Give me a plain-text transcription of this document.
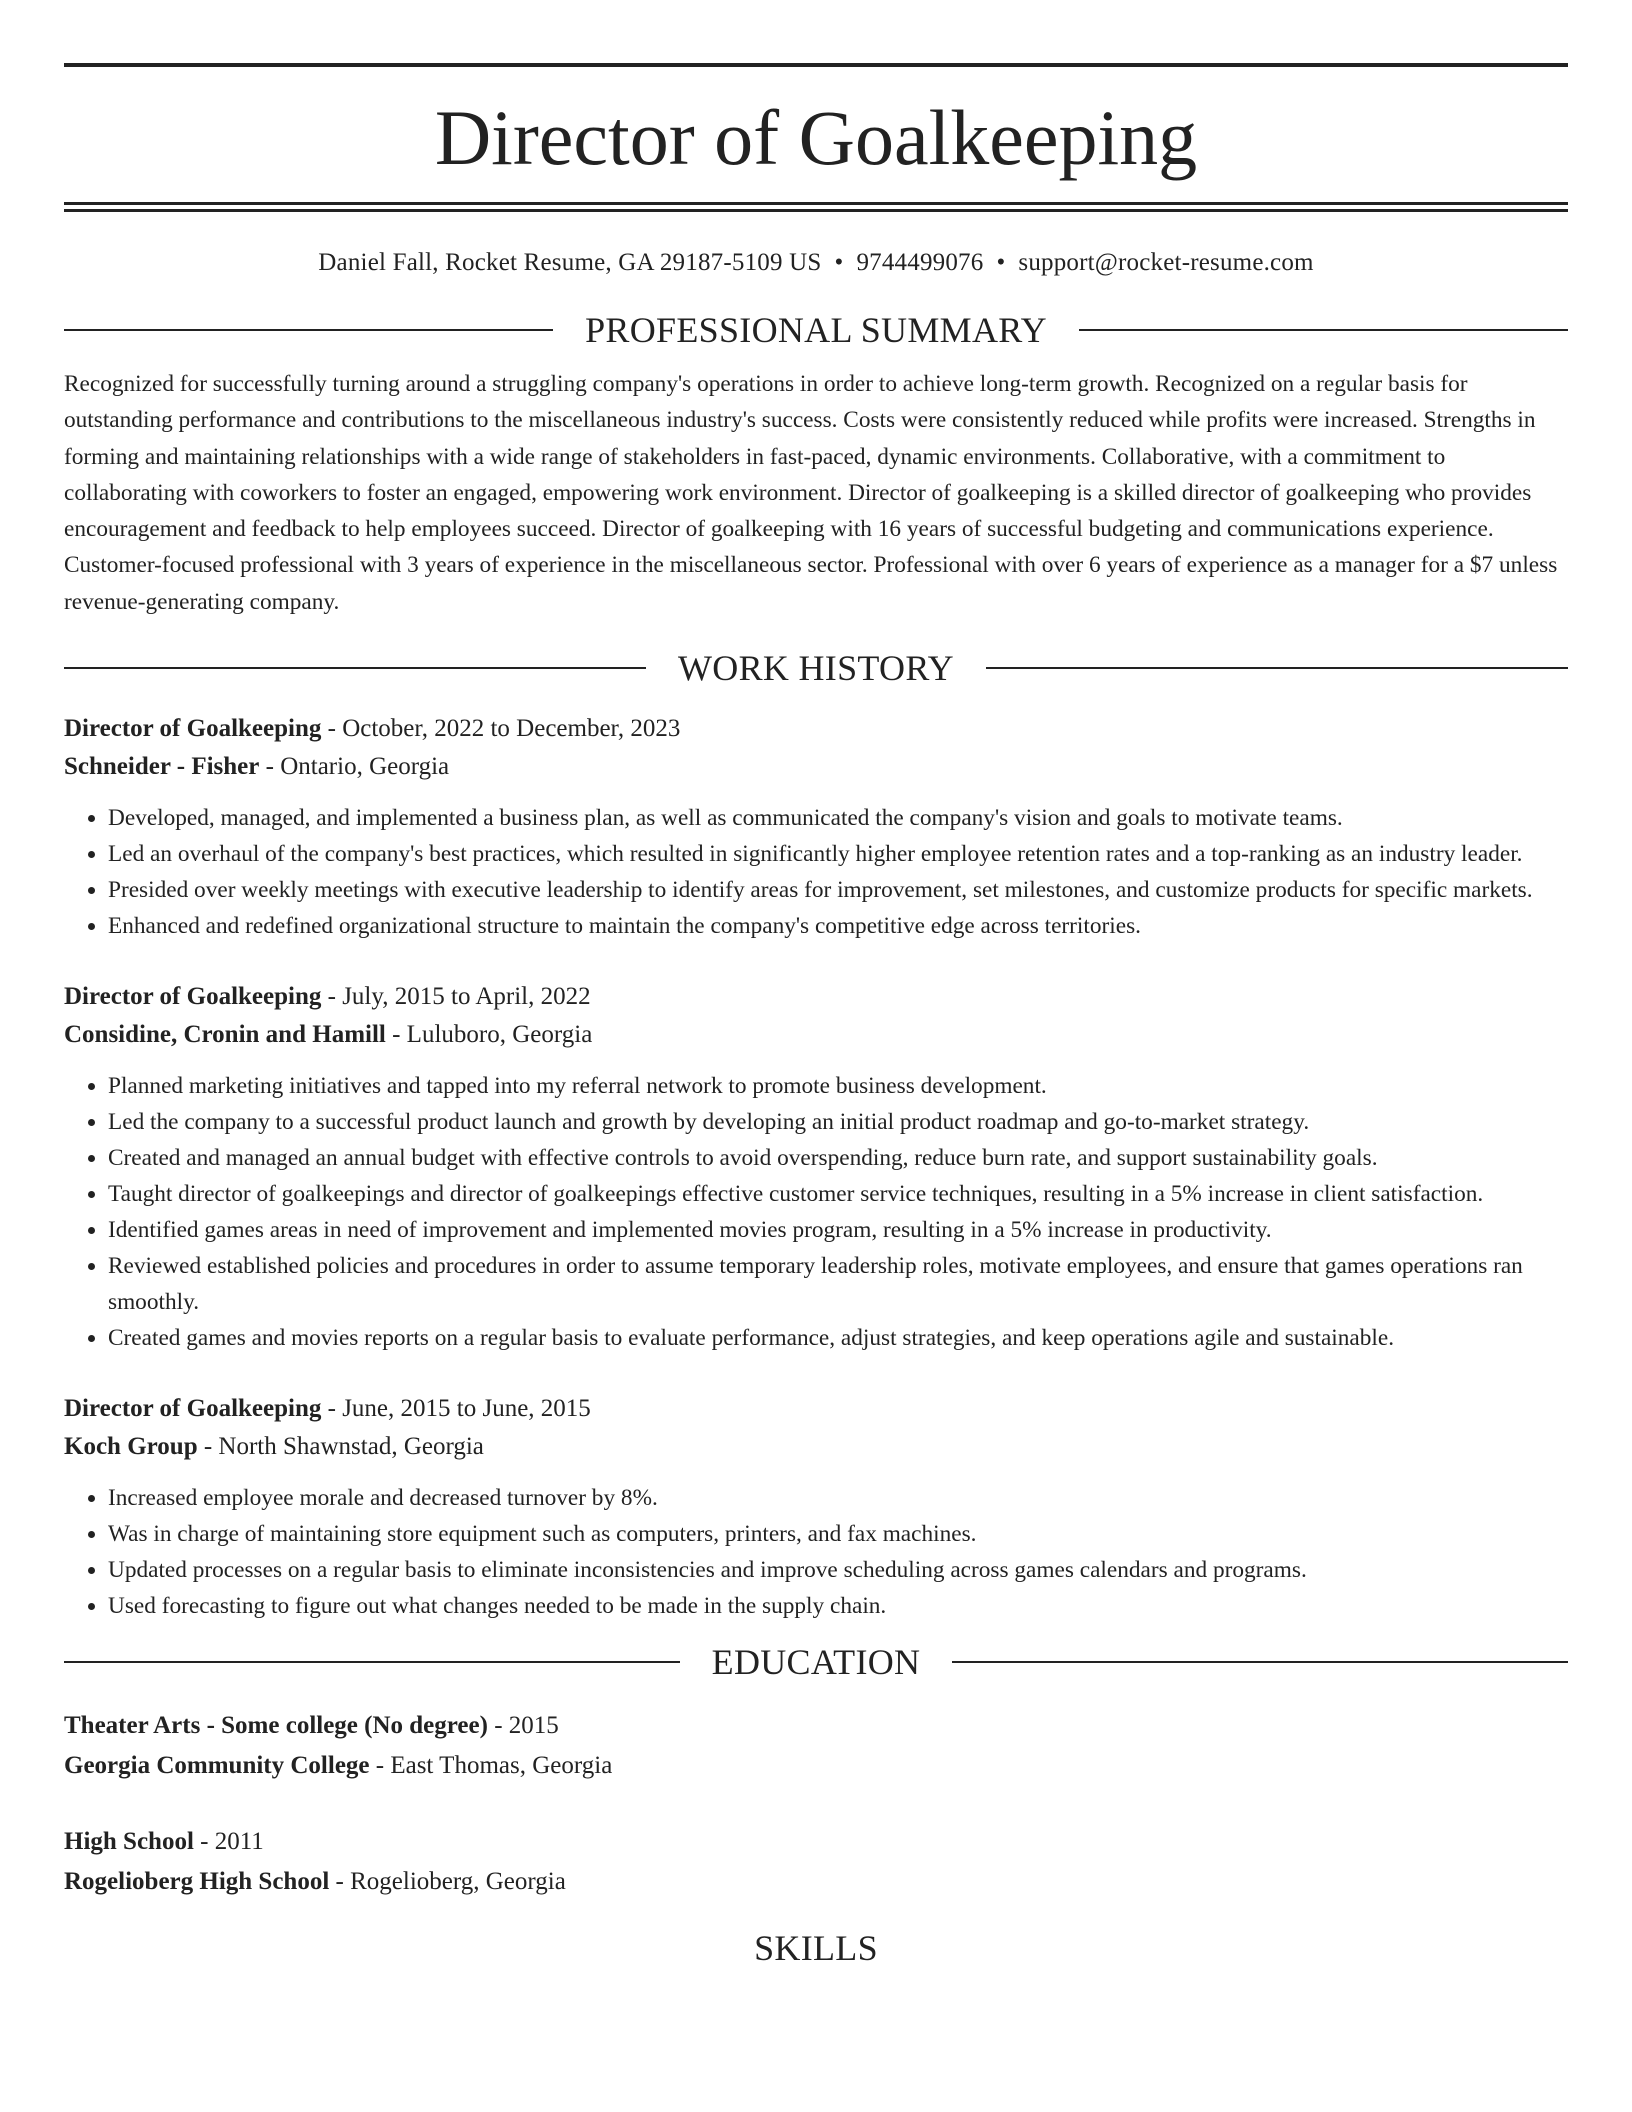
Director of Goalkeeping
Daniel Fall, Rocket Resume, GA 29187-5109 US • 9744499076 • support@rocket-resume.com
PROFESSIONAL SUMMARY
Recognized for successfully turning around a struggling company's operations in order to achieve long-term growth. Recognized on a regular basis for outstanding performance and contributions to the miscellaneous industry's success. Costs were consistently reduced while profits were increased. Strengths in forming and maintaining relationships with a wide range of stakeholders in fast-paced, dynamic environments. Collaborative, with a commitment to collaborating with coworkers to foster an engaged, empowering work environment. Director of goalkeeping is a skilled director of goalkeeping who provides encouragement and feedback to help employees succeed. Director of goalkeeping with 16 years of successful budgeting and communications experience. Customer-focused professional with 3 years of experience in the miscellaneous sector. Professional with over 6 years of experience as a manager for a $7 unless revenue-generating company.
WORK HISTORY
Director of Goalkeeping - October, 2022 to December, 2023
Schneider - Fisher - Ontario, Georgia
• Developed, managed, and implemented a business plan, as well as communicated the company's vision and goals to motivate teams.
• Led an overhaul of the company's best practices, which resulted in significantly higher employee retention rates and a top-ranking as an industry leader.
• Presided over weekly meetings with executive leadership to identify areas for improvement, set milestones, and customize products for specific markets.
• Enhanced and redefined organizational structure to maintain the company's competitive edge across territories.
Director of Goalkeeping - July, 2015 to April, 2022
Considine, Cronin and Hamill - Luluboro, Georgia
• Planned marketing initiatives and tapped into my referral network to promote business development.
• Led the company to a successful product launch and growth by developing an initial product roadmap and go-to-market strategy.
• Created and managed an annual budget with effective controls to avoid overspending, reduce burn rate, and support sustainability goals.
• Taught director of goalkeepings and director of goalkeepings effective customer service techniques, resulting in a 5% increase in client satisfaction.
• Identified games areas in need of improvement and implemented movies program, resulting in a 5% increase in productivity.
• Reviewed established policies and procedures in order to assume temporary leadership roles, motivate employees, and ensure that games operations ran smoothly.
• Created games and movies reports on a regular basis to evaluate performance, adjust strategies, and keep operations agile and sustainable.
Director of Goalkeeping - June, 2015 to June, 2015
Koch Group - North Shawnstad, Georgia
• Increased employee morale and decreased turnover by 8%.
• Was in charge of maintaining store equipment such as computers, printers, and fax machines.
• Updated processes on a regular basis to eliminate inconsistencies and improve scheduling across games calendars and programs.
• Used forecasting to figure out what changes needed to be made in the supply chain.
EDUCATION
Theater Arts - Some college (No degree) - 2015
Georgia Community College - East Thomas, Georgia
High School - 2011
Rogelioberg High School - Rogelioberg, Georgia
SKILLS
